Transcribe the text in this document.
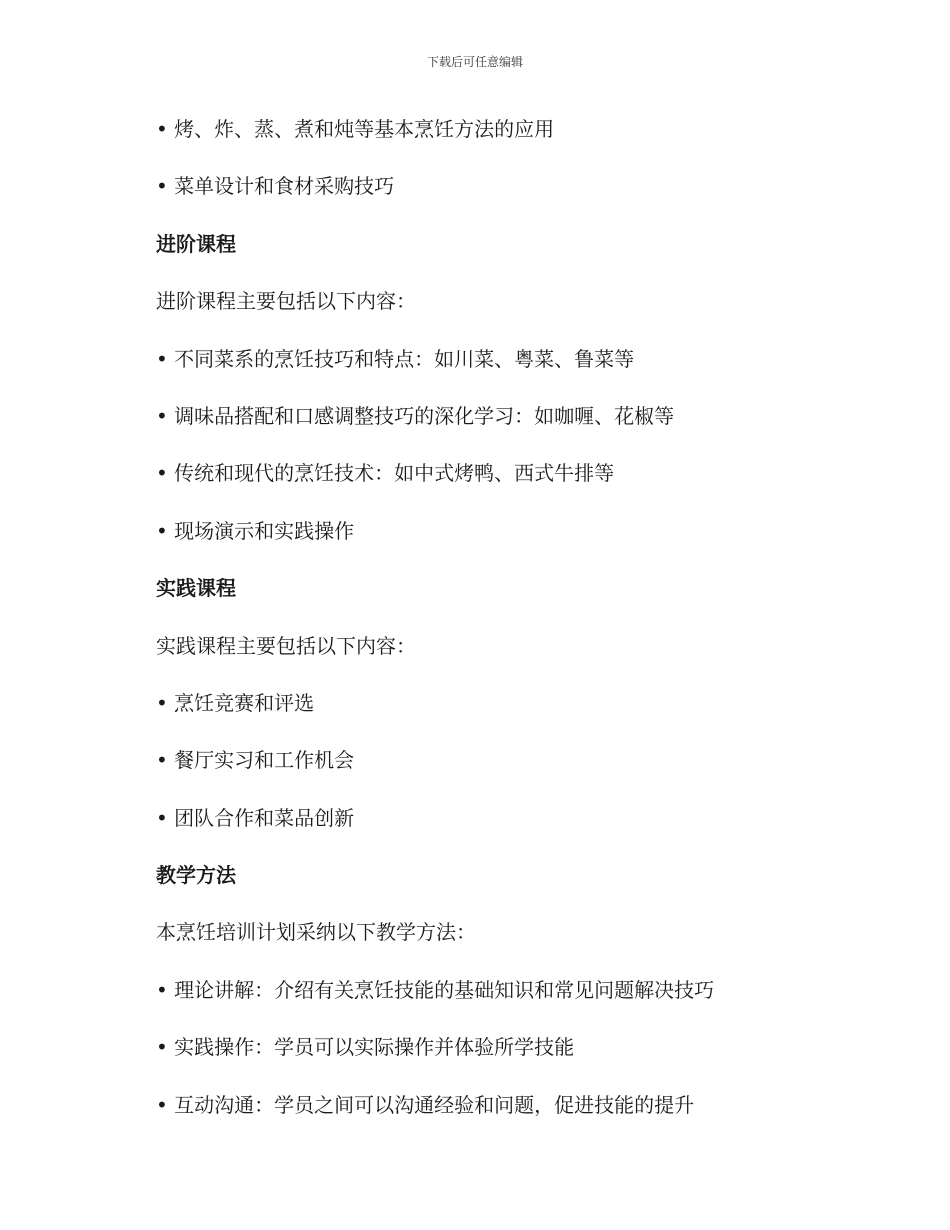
下载后可任意编辑
• 烤、炸、蒸、煮和炖等基本烹饪方法的应用
• 菜单设计和食材采购技巧
进阶课程
进阶课程主要包括以下内容：
• 不同菜系的烹饪技巧和特点：如川菜、粤菜、鲁菜等
• 调味品搭配和口感调整技巧的深化学习：如咖喱、花椒等
• 传统和现代的烹饪技术：如中式烤鸭、西式牛排等
• 现场演示和实践操作
实践课程
实践课程主要包括以下内容：
• 烹饪竞赛和评选
• 餐厅实习和工作机会
• 团队合作和菜品创新
教学方法
本烹饪培训计划采纳以下教学方法：
• 理论讲解：介绍有关烹饪技能的基础知识和常见问题解决技巧
• 实践操作：学员可以实际操作并体验所学技能
• 互动沟通：学员之间可以沟通经验和问题，促进技能的提升
